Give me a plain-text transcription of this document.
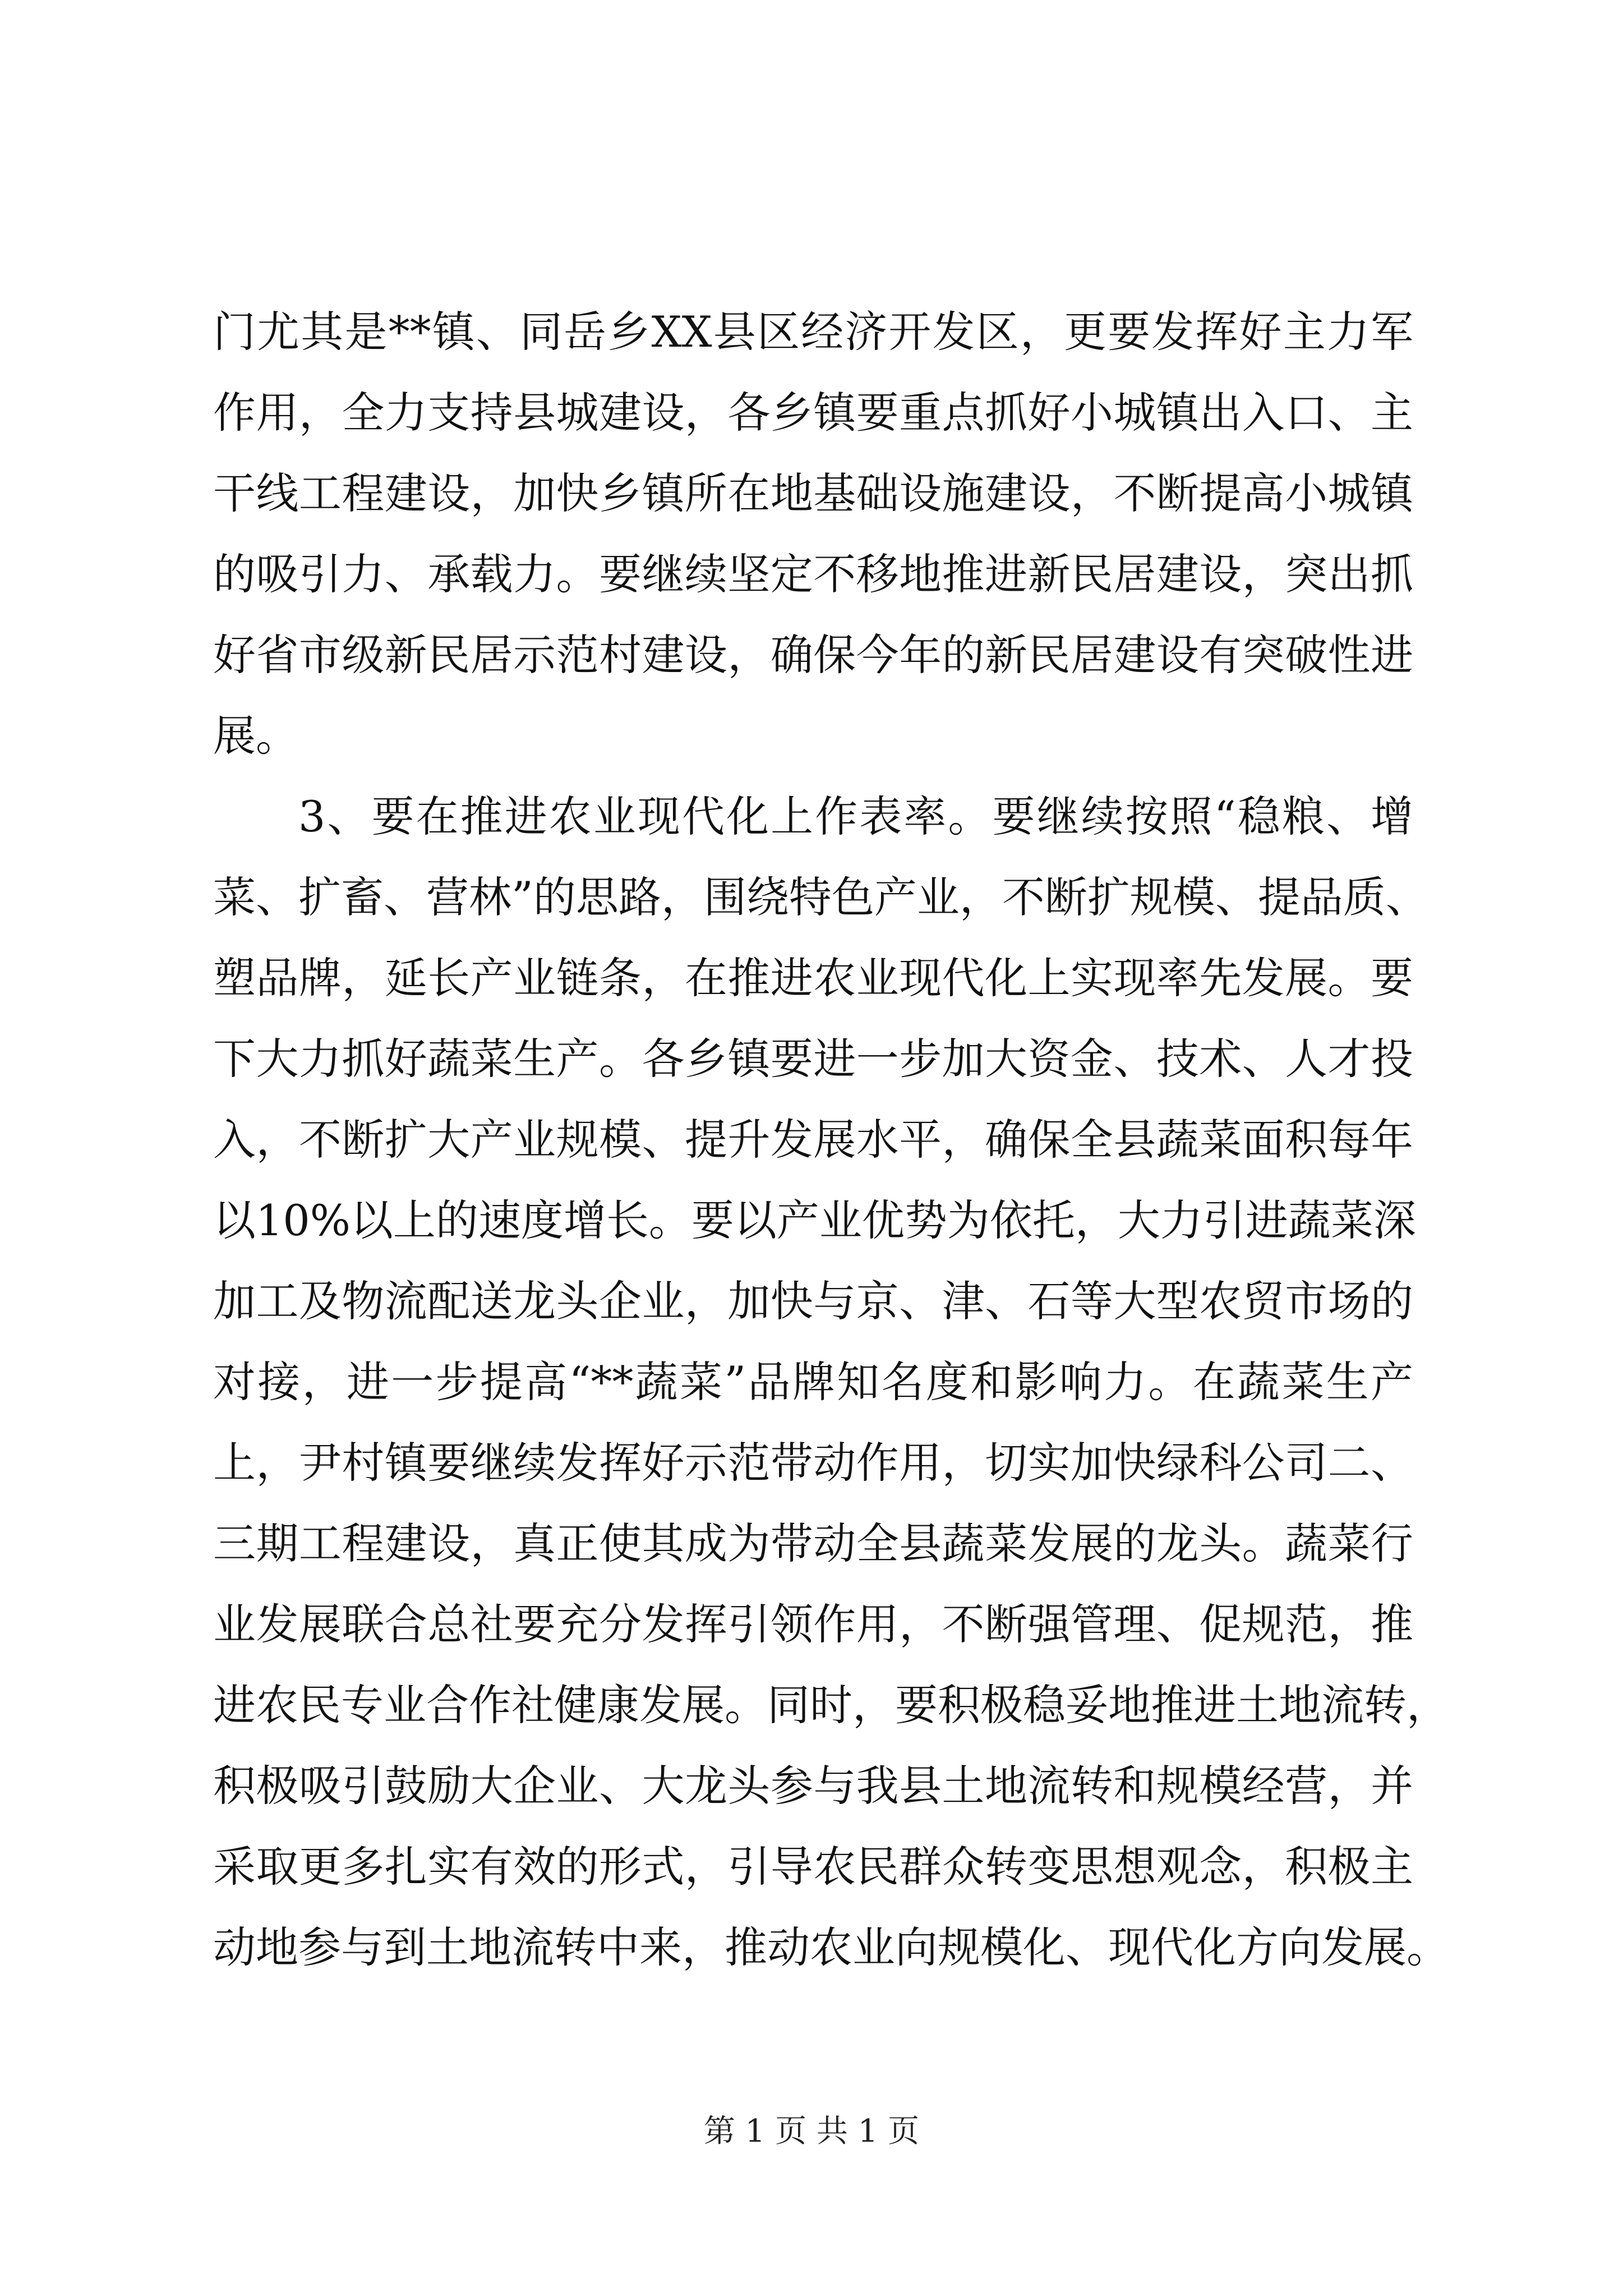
门尤其是**镇、同岳乡XX县区经济开发区，更要发挥好主力军
作用，全力支持县城建设，各乡镇要重点抓好小城镇出入口、主
干线工程建设，加快乡镇所在地基础设施建设，不断提高小城镇
的吸引力、承载力。要继续坚定不移地推进新民居建设，突出抓
好省市级新民居示范村建设，确保今年的新民居建设有突破性进
展。
3、要在推进农业现代化上作表率。要继续按照“稳粮、增
菜、扩畜、营林”的思路，围绕特色产业，不断扩规模、提品质、
塑品牌，延长产业链条，在推进农业现代化上实现率先发展。要
下大力抓好蔬菜生产。各乡镇要进一步加大资金、技术、人才投
入，不断扩大产业规模、提升发展水平，确保全县蔬菜面积每年
以10%以上的速度增长。要以产业优势为依托，大力引进蔬菜深
加工及物流配送龙头企业，加快与京、津、石等大型农贸市场的
对接，进一步提高“**蔬菜”品牌知名度和影响力。在蔬菜生产
上，尹村镇要继续发挥好示范带动作用，切实加快绿科公司二、
三期工程建设，真正使其成为带动全县蔬菜发展的龙头。蔬菜行
业发展联合总社要充分发挥引领作用，不断强管理、促规范，推
进农民专业合作社健康发展。同时，要积极稳妥地推进土地流转，
积极吸引鼓励大企业、大龙头参与我县土地流转和规模经营，并
采取更多扎实有效的形式，引导农民群众转变思想观念，积极主
动地参与到土地流转中来，推动农业向规模化、现代化方向发展。
第 1 页 共 1 页
